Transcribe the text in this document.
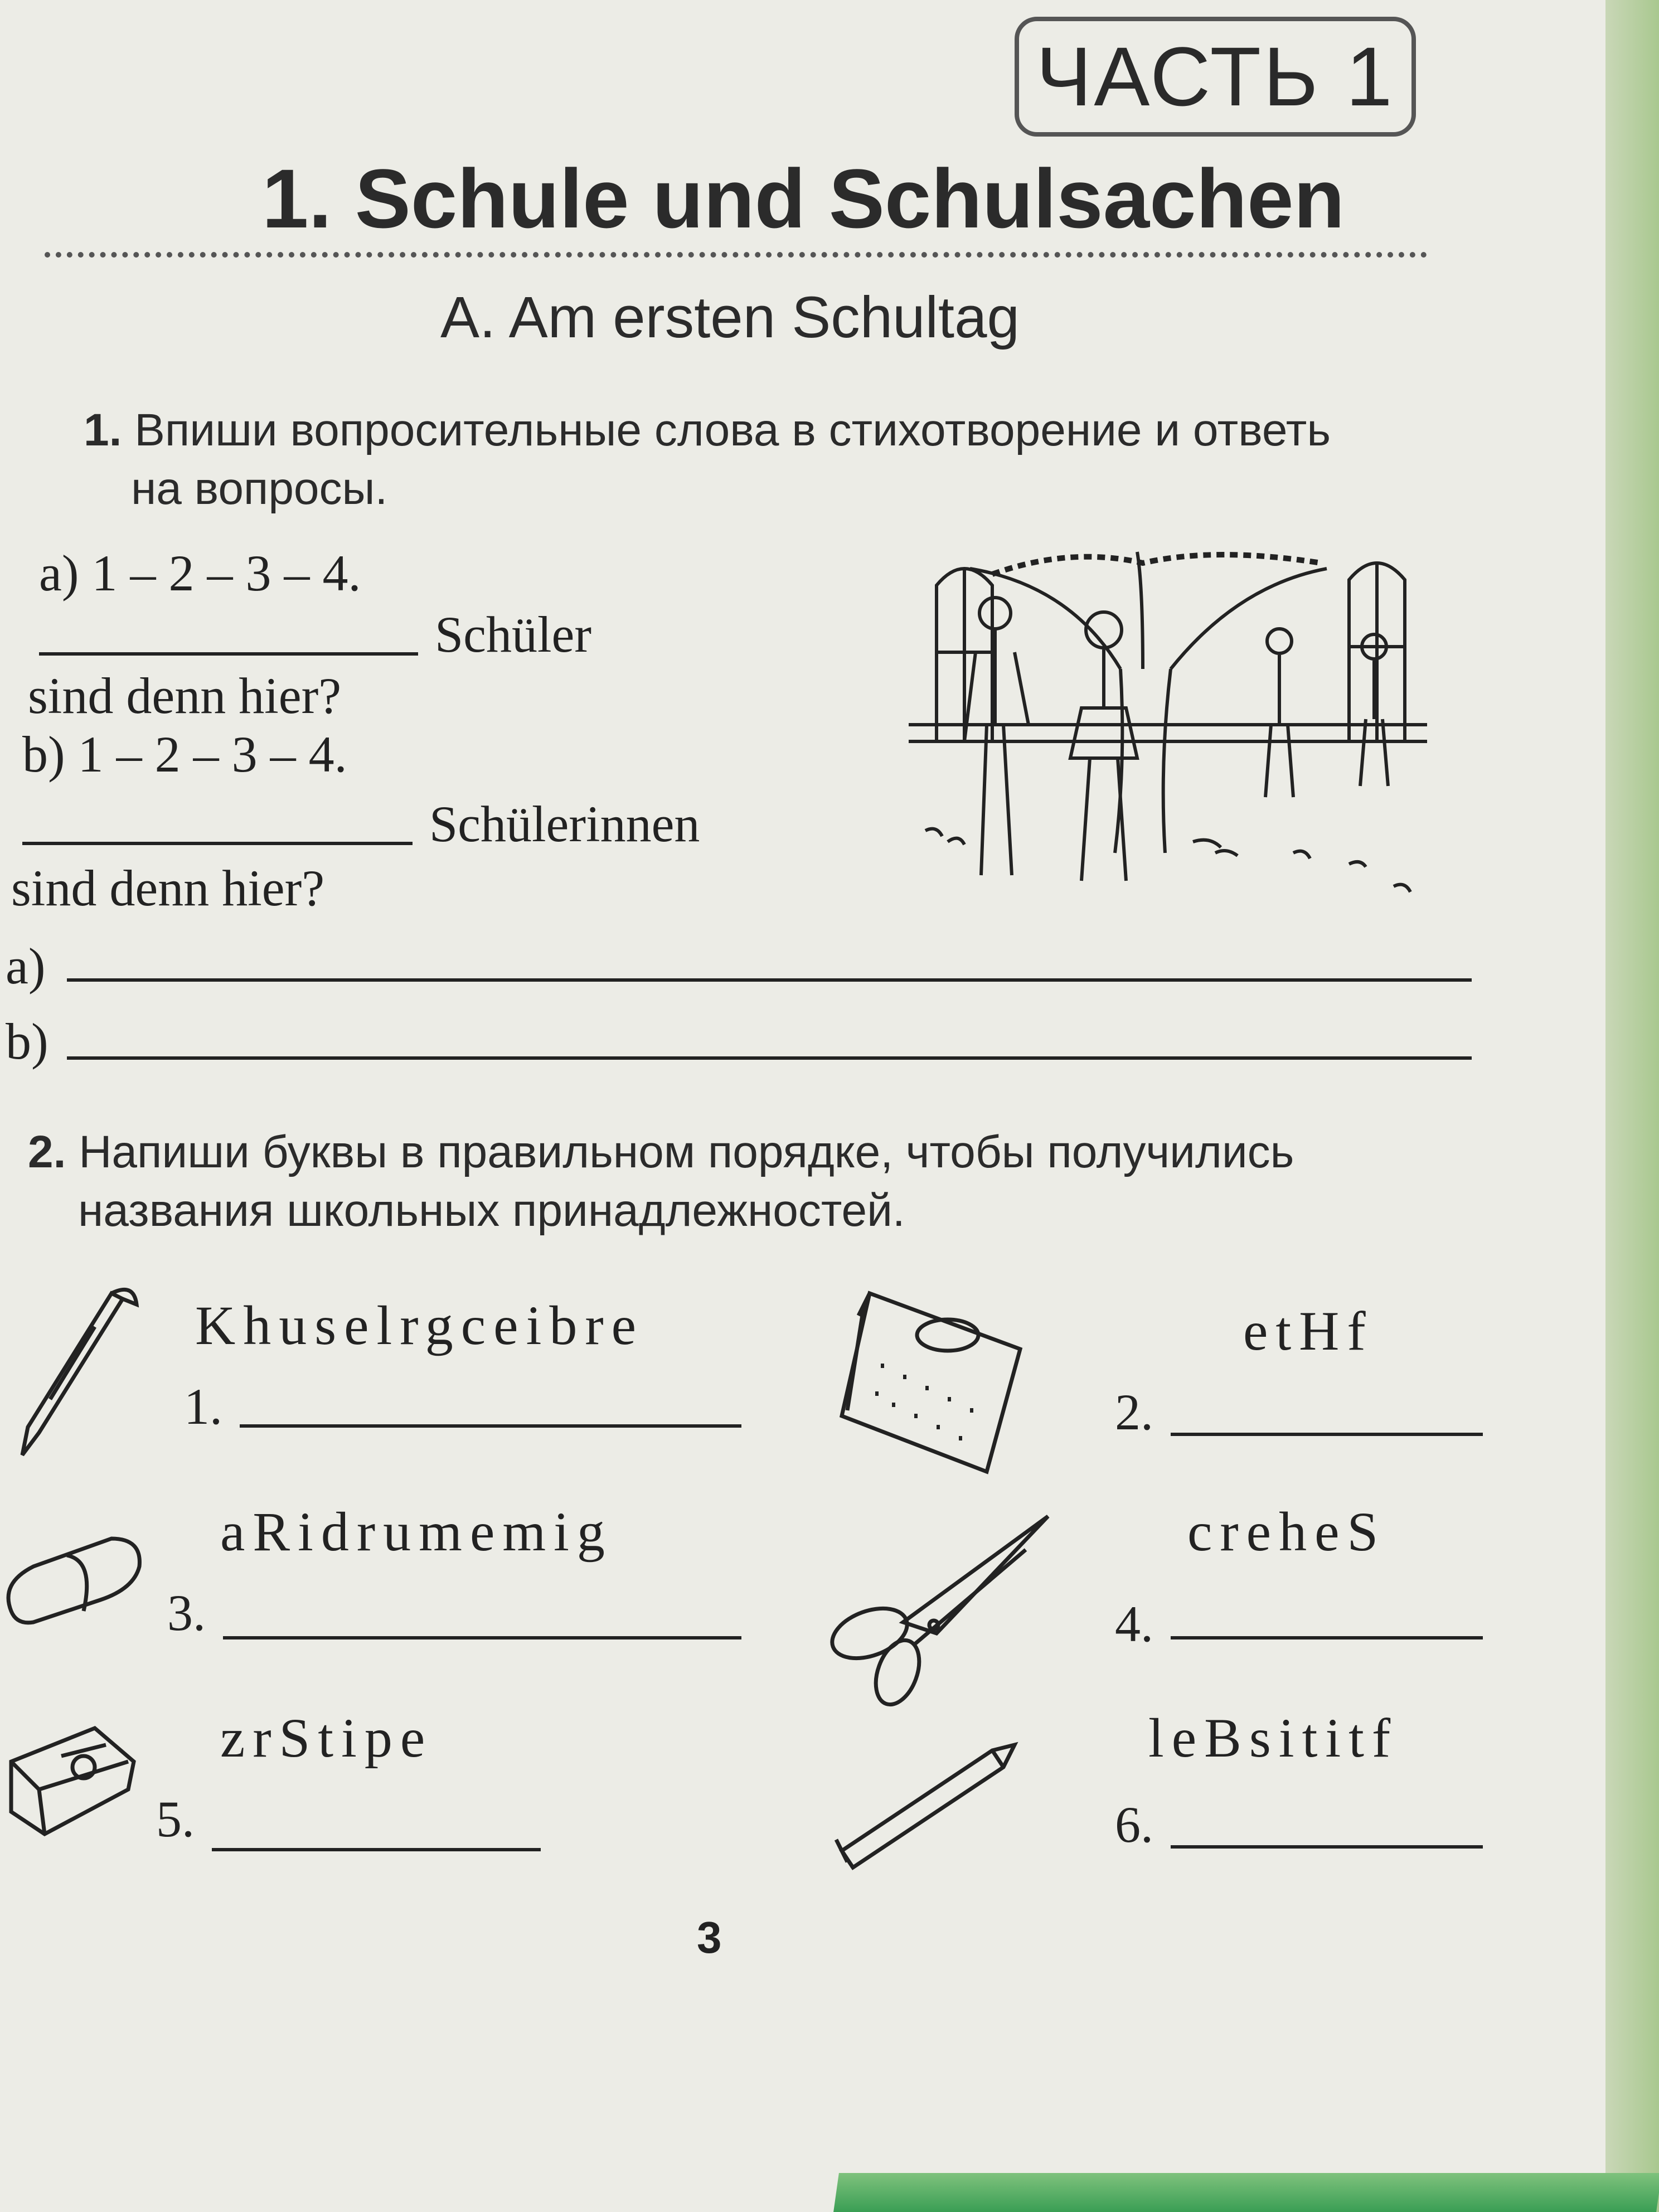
ЧАСТЬ 1
1. Schule und Schulsachen
A. Am ersten Schultag
1. Впиши вопросительные слова в стихотворение и ответь
на вопросы.
a) 1 – 2 – 3 – 4.
Schüler
sind denn hier?
b) 1 – 2 – 3 – 4.
Schülerinnen
sind denn hier?
a)
b)
2. Напиши буквы в правильном порядке, чтобы получились
названия школьных принадлежностей.
Khuselrgceibre
1.
etHf
2.
aRidrumemig
3.
creheS
4.
zrStipe
5.
leBsititf
6.
3
